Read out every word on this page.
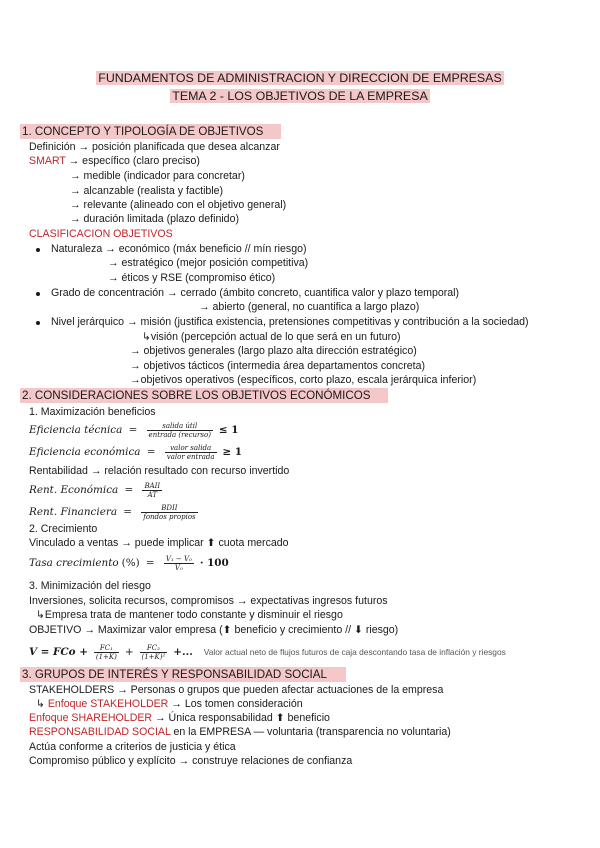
FUNDAMENTOS DE ADMINISTRACION Y DIRECCION DE EMPRESAS
TEMA 2 - LOS OBJETIVOS DE LA EMPRESA
1. CONCEPTO Y TIPOLOGÍA DE OBJETIVOS
Definición → posición planificada que desea alcanzar
SMART → específico (claro preciso)
→ medible (indicador para concretar)
→ alcanzable (realista y factible)
→ relevante (alineado con el objetivo general)
→ duración limitada (plazo definido)
CLASIFICACION OBJETIVOS
Naturaleza → económico (máx beneficio // mín riesgo)
→ estratégico (mejor posición competitiva)
→ éticos y RSE (compromiso ético)
Grado de concentración → cerrado (ámbito concreto, cuantifica valor y plazo temporal)
→ abierto (general, no cuantifica a largo plazo)
Nivel jerárquico → misión (justifica existencia, pretensiones competitivas y contribución a la sociedad)
↳visión (percepción actual de lo que será en un futuro)
→ objetivos generales (largo plazo alta dirección estratégico)
→ objetivos tácticos (intermedia área departamentos concreta)
→objetivos operativos (específicos, corto plazo, escala jerárquica inferior)
2. CONSIDERACIONES SOBRE LOS OBJETIVOS ECONÓMICOS
1. Maximización beneficios
Eficiencia técnica  = $\frac{\text{salida útil}}{\text{entrada (recurso)}} \le 1$
Eficiencia económica  = $\frac{\text{valor salida}}{\text{valor entrada}} \ge 1$
Rentabilidad → relación resultado con recurso invertido
Rent. Económica  = $\frac{\text{BAII}}{AT}$
Rent. Financiera  = $\frac{\text{BDII}}{\text{fondos propios}}$
2. Crecimiento
Vinculado a ventas → puede implicar ⬆ cuota mercado
Tasa crecimiento (%)  = $\frac{\text{V₁ − V₀}}{\text{V₀}} \cdot 100$
3. Minimización del riesgo
Inversiones, solicita recursos, compromisos → expectativas ingresos futuros
↳Empresa trata de mantener todo constante y disminuir el riesgo
OBJETIVO → Maximizar valor empresa (⬆ beneficio y crecimiento // ⬇ riesgo)
V = FCo + $\frac{\text{FC₁}}{(1+K)} + \frac{\text{FC₂}}{\text{(1+K)²}}$ +... Valor actual neto de flujos futuros de caja descontando tasa de inflación y riesgos
3. GRUPOS DE INTERÉS Y RESPONSABILIDAD SOCIAL
STAKEHOLDERS → Personas o grupos que pueden afectar actuaciones de la empresa
↳ Enfoque STAKEHOLDER → Los tomen consideración
Enfoque SHAREHOLDER → Única responsabilidad ⬆ beneficio
RESPONSABILIDAD SOCIAL en la EMPRESA — voluntaria (transparencia no voluntaria)
Actúa conforme a criterios de justicia y ética
Compromiso público y explícito → construye relaciones de confianza
